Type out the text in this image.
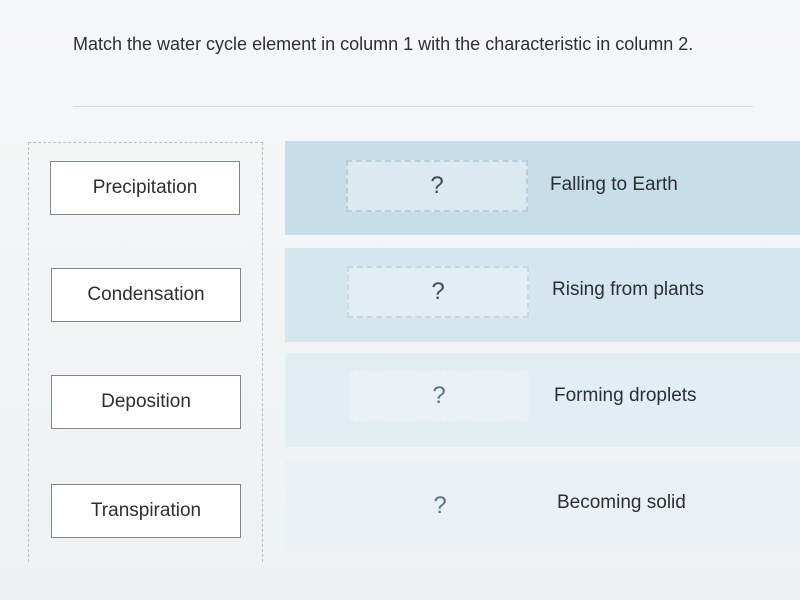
Match the water cycle element in column 1 with the characteristic in column 2.
Precipitation
Condensation
Deposition
Transpiration
?
?
?
?
Falling to Earth
Rising from plants
Forming droplets
Becoming solid
